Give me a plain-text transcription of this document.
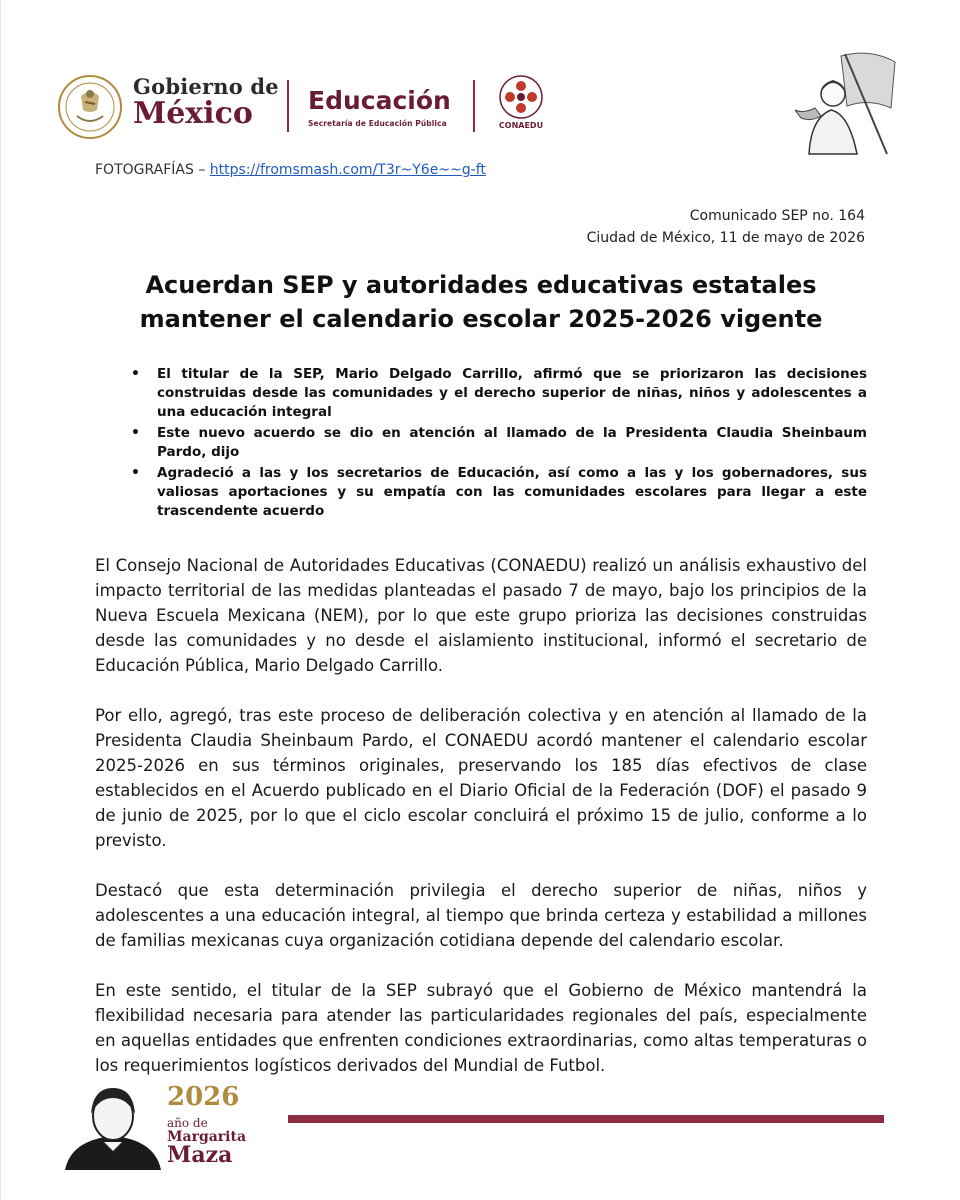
Gobierno de
México	Educación
Secretaría de Educación Pública	CONAEDU
FOTOGRAFÍAS – https://fromsmash.com/T3r~Y6e~~g-ft
Comunicado SEP no. 164
Ciudad de México, 11 de mayo de 2026
Acuerdan SEP y autoridades educativas estatales mantener el calendario escolar 2025-2026 vigente
• El titular de la SEP, Mario Delgado Carrillo, afirmó que se priorizaron las decisiones construidas desde las comunidades y el derecho superior de niñas, niños y adolescentes a una educación integral
• Este nuevo acuerdo se dio en atención al llamado de la Presidenta Claudia Sheinbaum Pardo, dijo
• Agradeció a las y los secretarios de Educación, así como a las y los gobernadores, sus valiosas aportaciones y su empatía con las comunidades escolares para llegar a este trascendente acuerdo

El Consejo Nacional de Autoridades Educativas (CONAEDU) realizó un análisis exhaustivo del impacto territorial de las medidas planteadas el pasado 7 de mayo, bajo los principios de la Nueva Escuela Mexicana (NEM), por lo que este grupo prioriza las decisiones construidas desde las comunidades y no desde el aislamiento institucional, informó el secretario de Educación Pública, Mario Delgado Carrillo.

Por ello, agregó, tras este proceso de deliberación colectiva y en atención al llamado de la Presidenta Claudia Sheinbaum Pardo, el CONAEDU acordó mantener el calendario escolar 2025-2026 en sus términos originales, preservando los 185 días efectivos de clase establecidos en el Acuerdo publicado en el Diario Oficial de la Federación (DOF) el pasado 9 de junio de 2025, por lo que el ciclo escolar concluirá el próximo 15 de julio, conforme a lo previsto.

Destacó que esta determinación privilegia el derecho superior de niñas, niños y adolescentes a una educación integral, al tiempo que brinda certeza y estabilidad a millones de familias mexicanas cuya organización cotidiana depende del calendario escolar.

En este sentido, el titular de la SEP subrayó que el Gobierno de México mantendrá la flexibilidad necesaria para atender las particularidades regionales del país, especialmente en aquellas entidades que enfrenten condiciones extraordinarias, como altas temperaturas o los requerimientos logísticos derivados del Mundial de Futbol.

2026
año de
Margarita
Maza
